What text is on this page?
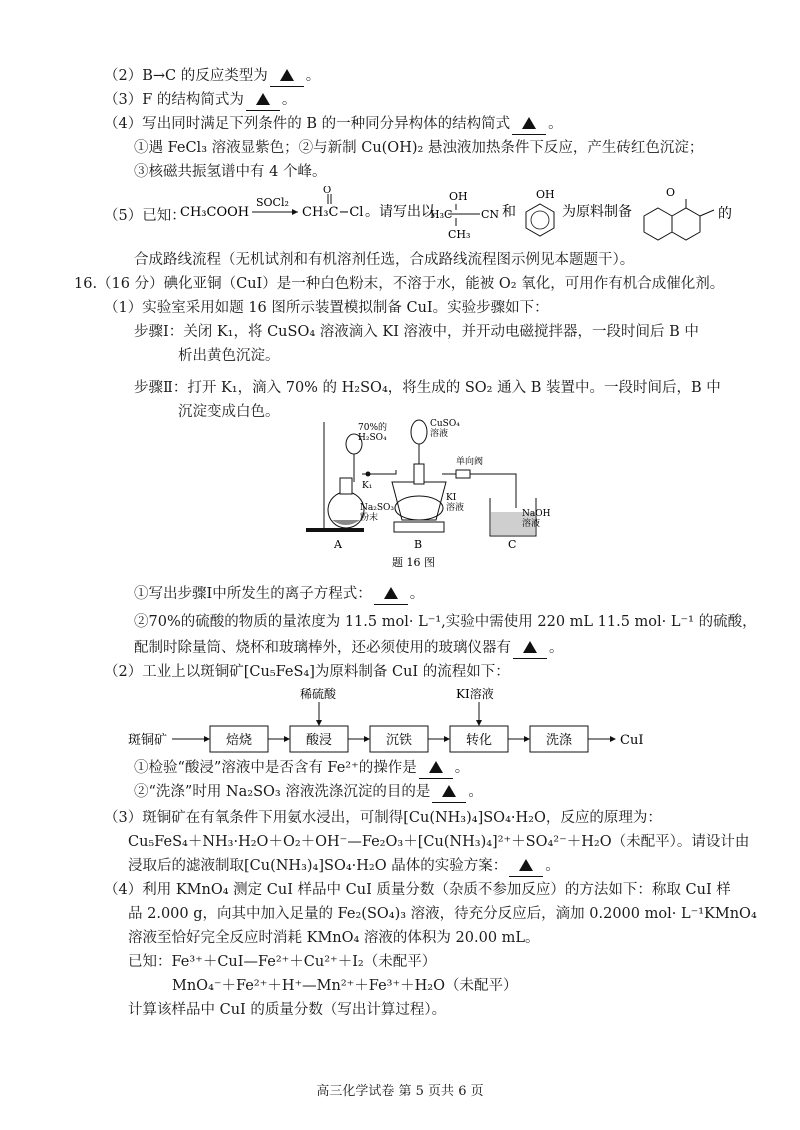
（2）B→C 的反应类型为	。
（3）F 的结构简式为	。
（4）写出同时满足下列条件的 B 的一种同分异构体的结构简式	。
①遇 FeCl₃ 溶液显紫色；②与新制 Cu(OH)₂ 悬浊液加热条件下反应，产生砖红色沉淀；
③核磁共振氢谱中有 4 个峰。
（5）已知：
CH₃COOH
SOCl₂
CH₃C−Cl
O
。请写出以
OH
H₃C	CN
CH₃
和
OH
为原料制备
O
的
合成路线流程（无机试剂和有机溶剂任选，合成路线流程图示例见本题题干）。
16.（16 分）碘化亚铜（CuI）是一种白色粉末，不溶于水，能被 O₂ 氧化，可用作有机合成催化剂。
（1）实验室采用如题 16 图所示装置模拟制备 CuI。实验步骤如下：
步骤Ⅰ：关闭 K₁，将 CuSO₄ 溶液滴入 KI 溶液中，并开动电磁搅拌器，一段时间后 B 中
析出黄色沉淀。
步骤Ⅱ：打开 K₁，滴入 70% 的 H₂SO₄，将生成的 SO₂ 通入 B 装置中。一段时间后，B 中
沉淀变成白色。
70%的
H₂SO₄
CuSO₄
溶液
K₁
单向阀
Na₂SO₃
粉末
KI
溶液
NaOH
溶液
A	B	C
题 16 图
①写出步骤Ⅰ中所发生的离子方程式：	。
②70%的硫酸的物质的量浓度为 11.5 mol· L⁻¹,实验中需使用 220 mL 11.5 mol· L⁻¹ 的硫酸，
配制时除量筒、烧杯和玻璃棒外，还必须使用的玻璃仪器有	。
（2）工业上以斑铜矿[Cu₅FeS₄]为原料制备 CuI 的流程如下：
斑铜矿	焙烧	酸浸
稀硫酸
沉铁	转化
KI溶液
洗涤	CuI
①检验“酸浸”溶液中是否含有 Fe²⁺的操作是	。
②“洗涤”时用 Na₂SO₃ 溶液洗涤沉淀的目的是	。
（3）斑铜矿在有氧条件下用氨水浸出，可制得[Cu(NH₃)₄]SO₄·H₂O，反应的原理为：
Cu₅FeS₄＋NH₃·H₂O＋O₂＋OH⁻—Fe₂O₃＋[Cu(NH₃)₄]²⁺＋SO₄²⁻＋H₂O（未配平）。请设计由
浸取后的滤液制取[Cu(NH₃)₄]SO₄·H₂O 晶体的实验方案：	。
（4）利用 KMnO₄ 测定 CuI 样品中 CuI 质量分数（杂质不参加反应）的方法如下：称取 CuI 样
品 2.000 g，向其中加入足量的 Fe₂(SO₄)₃ 溶液，待充分反应后，滴加 0.2000 mol· L⁻¹KMnO₄
溶液至恰好完全反应时消耗 KMnO₄ 溶液的体积为 20.00 mL。
已知：Fe³⁺＋CuI—Fe²⁺＋Cu²⁺＋I₂（未配平）
MnO₄⁻＋Fe²⁺＋H⁺—Mn²⁺＋Fe³⁺＋H₂O（未配平）
计算该样品中 CuI 的质量分数（写出计算过程）。
高三化学试卷 第 5 页共 6 页
